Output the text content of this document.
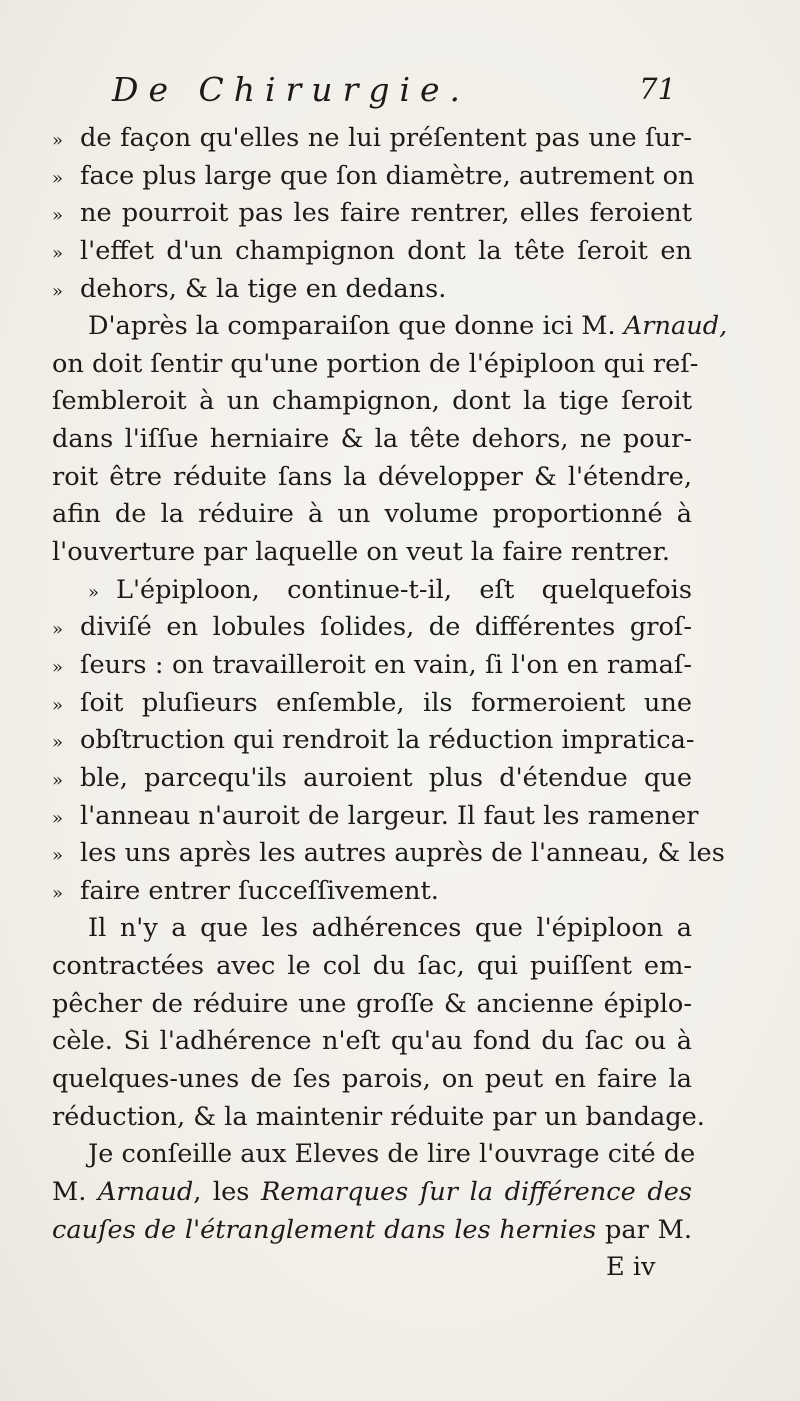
De Chirurgie.	71
» de façon qu'elles ne lui préſentent pas une ſur-
» face plus large que ſon diamètre, autrement on
» ne pourroit pas les faire rentrer, elles feroient
» l'effet d'un champignon dont la tête ſeroit en
» dehors, & la tige en dedans.
D'après la comparaiſon que donne ici M. Arnaud,
on doit ſentir qu'une portion de l'épiploon qui reſ-
ſembleroit à un champignon, dont la tige ſeroit
dans l'iſſue herniaire & la tête dehors, ne pour-
roit être réduite ſans la développer & l'étendre,
afin de la réduire à un volume proportionné à
l'ouverture par laquelle on veut la faire rentrer.
» L'épiploon, continue-t-il, eſt quelquefois
» diviſé en lobules ſolides, de différentes groſ-
» ſeurs : on travailleroit en vain, ſi l'on en ramaſ-
» ſoit pluſieurs enſemble, ils formeroient une
» obſtruction qui rendroit la réduction impratica-
» ble, parcequ'ils auroient plus d'étendue que
» l'anneau n'auroit de largeur. Il faut les ramener
» les uns après les autres auprès de l'anneau, & les
» faire entrer ſucceſſivement.
Il n'y a que les adhérences que l'épiploon a
contractées avec le col du ſac, qui puiſſent em-
pêcher de réduire une groſſe & ancienne épiplo-
cèle. Si l'adhérence n'eſt qu'au fond du ſac ou à
quelques-unes de ſes parois, on peut en faire la
réduction, & la maintenir réduite par un bandage.
Je conſeille aux Eleves de lire l'ouvrage cité de
M. Arnaud, les Remarques ſur la différence des
cauſes de l'étranglement dans les hernies par M.
E iv
